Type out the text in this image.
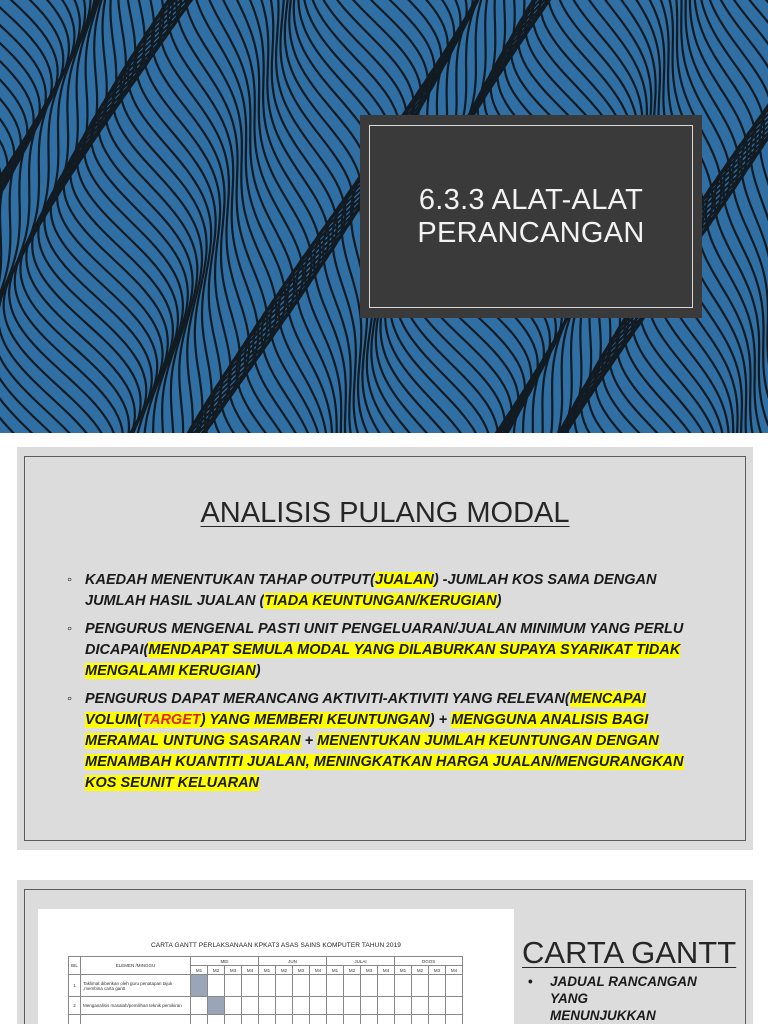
6.3.3 ALAT-ALAT
PERANCANGAN
ANALISIS PULANG MODAL
◦ KAEDAH MENENTUKAN TAHAP OUTPUT(JUALAN) -JUMLAH KOS SAMA DENGAN JUMLAH HASIL JUALAN (TIADA KEUNTUNGAN/KERUGIAN)
◦ PENGURUS MENGENAL PASTI UNIT PENGELUARAN/JUALAN MINIMUM YANG PERLU DICAPAI(MENDAPAT SEMULA MODAL YANG DILABURKAN SUPAYA SYARIKAT TIDAK MENGALAMI KERUGIAN)
◦ PENGURUS DAPAT MERANCANG AKTIVITI-AKTIVITI YANG RELEVAN(MENCAPAI VOLUM(TARGET) YANG MEMBERI KEUNTUNGAN) + MENGGUNA ANALISIS BAGI MERAMAL UNTUNG SASARAN + MENENTUKAN JUMLAH KEUNTUNGAN DENGAN MENAMBAH KUANTITI JUALAN, MENINGKATKAN HARGA JUALAN/MENGURANGKAN KOS SEUNIT KELUARAN
CARTA GANTT PERLAKSANAAN KPKAT3 ASAS SAINS KOMPUTER TAHUN 2019
BIL	ELEMEN /MINGGU	MEI				JUN				JULAI				OGOS			
		M1	M2	M3	M4	M1	M2	M3	M4	M1	M2	M3	M4	M1	M2	M3	M4
1	Taklimat diberikan oleh guru penatapan tajuk ,membina carta gantt																
2	Menganalisis masalah/pemilihan teknik pemikiran																

CARTA GANTT
•	JADUAL RANCANGAN
YANG
MENUNJUKKAN
